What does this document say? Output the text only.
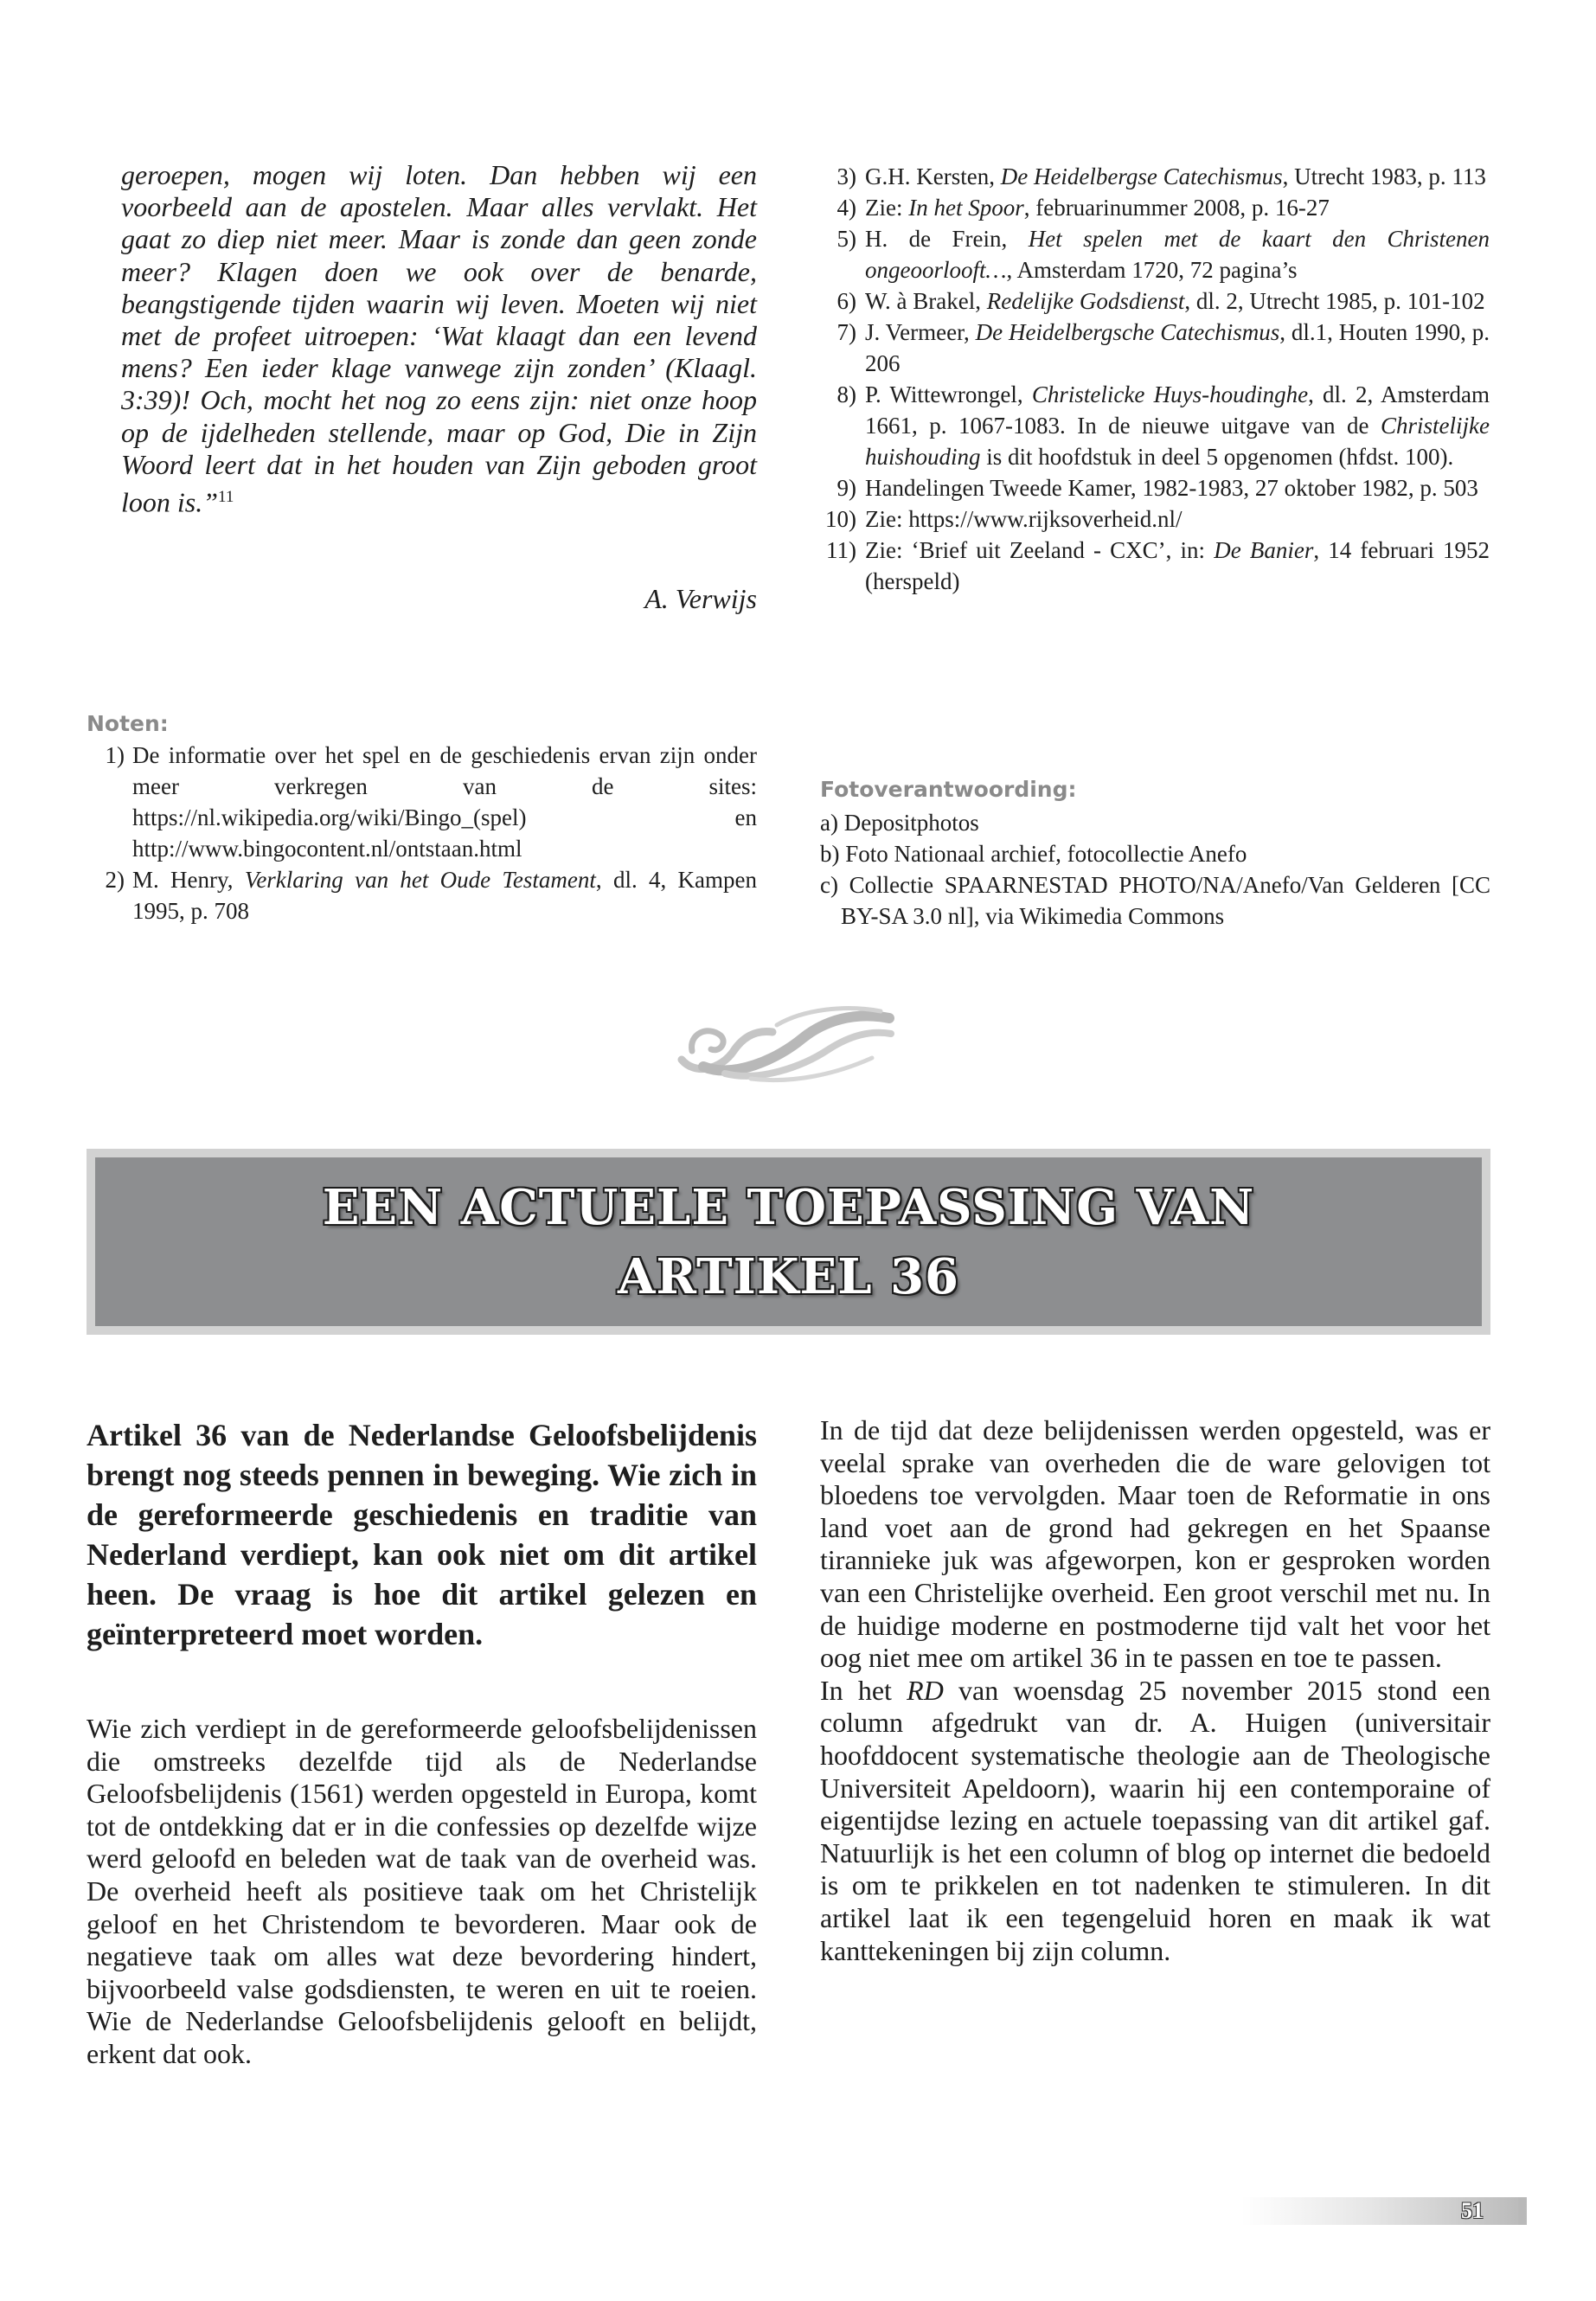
geroepen, mogen wij loten. Dan hebben wij een voorbeeld aan de apostelen. Maar alles vervlakt. Het gaat zo diep niet meer. Maar is zonde dan geen zonde meer? Klagen doen we ook over de benarde, beangstigende tijden waarin wij leven. Moeten wij niet met de profeet uitroepen: ‘Wat klaagt dan een levend mens? Een ieder klage vanwege zijn zonden’ (Klaagl. 3:39)! Och, mocht het nog zo eens zijn: niet onze hoop op de ijdelheden stellende, maar op God, Die in Zijn Woord leert dat in het houden van Zijn geboden groot loon is.”$^{11}$

A. Verwijs
Noten:
1) De informatie over het spel en de geschiedenis ervan zijn onder meer verkregen van de sites: https://nl.wikipedia.org/wiki/Bingo_(spel) en http://www.bingocontent.nl/ontstaan.html
2) M. Henry, Verklaring van het Oude Testament, dl. 4, Kampen 1995, p. 708
3) G.H. Kersten, De Heidelbergse Catechismus, Utrecht 1983, p. 113
4) Zie: In het Spoor, februarinummer 2008, p. 16-27
5) H. de Frein, Het spelen met de kaart den Christenen ongeoorlooft…, Amsterdam 1720, 72 pagina’s
6) W. à Brakel, Redelijke Godsdienst, dl. 2, Utrecht 1985, p. 101-102
7) J. Vermeer, De Heidelbergsche Catechismus, dl.1, Houten 1990, p. 206
8) P. Wittewrongel, Christelicke Huys-houdinghe, dl. 2, Amsterdam 1661, p. 1067-1083. In de nieuwe uitgave van de Christelijke huishouding is dit hoofdstuk in deel 5 opgenomen (hfdst. 100).
9) Handelingen Tweede Kamer, 1982-1983, 27 oktober 1982, p. 503
10) Zie: https://www.rijksoverheid.nl/
11) Zie: ‘Brief uit Zeeland - CXC’, in: De Banier, 14 februari 1952 (herspeld)
Fotoverantwoording:
a) Depositphotos
b) Foto Nationaal archief, fotocollectie Anefo
c) Collectie SPAARNESTAD PHOTO/NA/Anefo/Van Gelderen [CC BY-SA 3.0 nl], via Wikimedia Commons
EEN ACTUELE TOEPASSING VAN
ARTIKEL 36

Artikel 36 van de Nederlandse Geloofsbelijdenis brengt nog steeds pennen in beweging. Wie zich in de gereformeerde geschiedenis en traditie van Nederland verdiept, kan ook niet om dit artikel heen. De vraag is hoe dit artikel gelezen en geïnterpreteerd moet worden.

Wie zich verdiept in de gereformeerde geloofsbelijdenissen die omstreeks dezelfde tijd als de Nederlandse Geloofsbelijdenis (1561) werden opgesteld in Europa, komt tot de ontdekking dat er in die confessies op dezelfde wijze werd geloofd en beleden wat de taak van de overheid was. De overheid heeft als positieve taak om het Christelijk geloof en het Christendom te bevorderen. Maar ook de negatieve taak om alles wat deze bevordering hindert, bijvoorbeeld valse godsdiensten, te weren en uit te roeien. Wie de Nederlandse Geloofsbelijdenis gelooft en belijdt, erkent dat ook.

In de tijd dat deze belijdenissen werden opgesteld, was er veelal sprake van overheden die de ware gelovigen tot bloedens toe vervolgden. Maar toen de Reformatie in ons land voet aan de grond had gekregen en het Spaanse tirannieke juk was afgeworpen, kon er gesproken worden van een Christelijke overheid. Een groot verschil met nu. In de huidige moderne en postmoderne tijd valt het voor het oog niet mee om artikel 36 in te passen en toe te passen.

In het RD van woensdag 25 november 2015 stond een column afgedrukt van dr. A. Huigen (universitair hoofddocent systematische theologie aan de Theologische Universiteit Apeldoorn), waarin hij een contemporaine of eigentijdse lezing en actuele toepassing van dit artikel gaf. Natuurlijk is het een column of blog op internet die bedoeld is om te prikkelen en tot nadenken te stimuleren. In dit artikel laat ik een tegengeluid horen en maak ik wat kanttekeningen bij zijn column.

51
